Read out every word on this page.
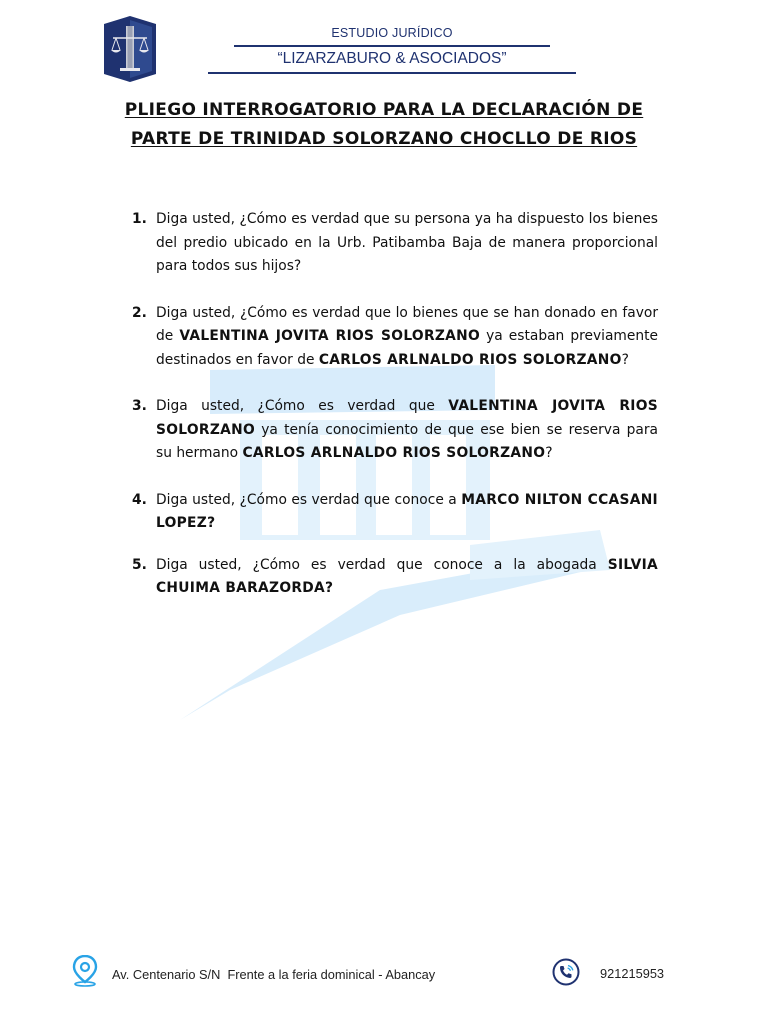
ESTUDIO JURÍDICO
“LIZARZABURO & ASOCIADOS”
PLIEGO INTERROGATORIO PARA LA DECLARACIÓN DE
PARTE DE TRINIDAD SOLORZANO CHOCLLO DE RIOS
1. Diga usted, ¿Cómo es verdad que su persona ya ha dispuesto los bienes del predio ubicado en la Urb. Patibamba Baja de manera proporcional para todos sus hijos?
2. Diga usted, ¿Cómo es verdad que lo bienes que se han donado en favor de VALENTINA JOVITA RIOS SOLORZANO ya estaban previamente destinados en favor de CARLOS ARLNALDO RIOS SOLORZANO?
3. Diga usted, ¿Cómo es verdad que VALENTINA JOVITA RIOS SOLORZANO ya tenía conocimiento de que ese bien se reserva para su hermano CARLOS ARLNALDO RIOS SOLORZANO?
4. Diga usted, ¿Cómo es verdad que conoce a MARCO NILTON CCASANI LOPEZ?
5. Diga usted, ¿Cómo es verdad que conoce a la abogada SILVIA CHUIMA BARAZORDA?
Av. Centenario S/N  Frente a la feria dominical - Abancay	921215953
